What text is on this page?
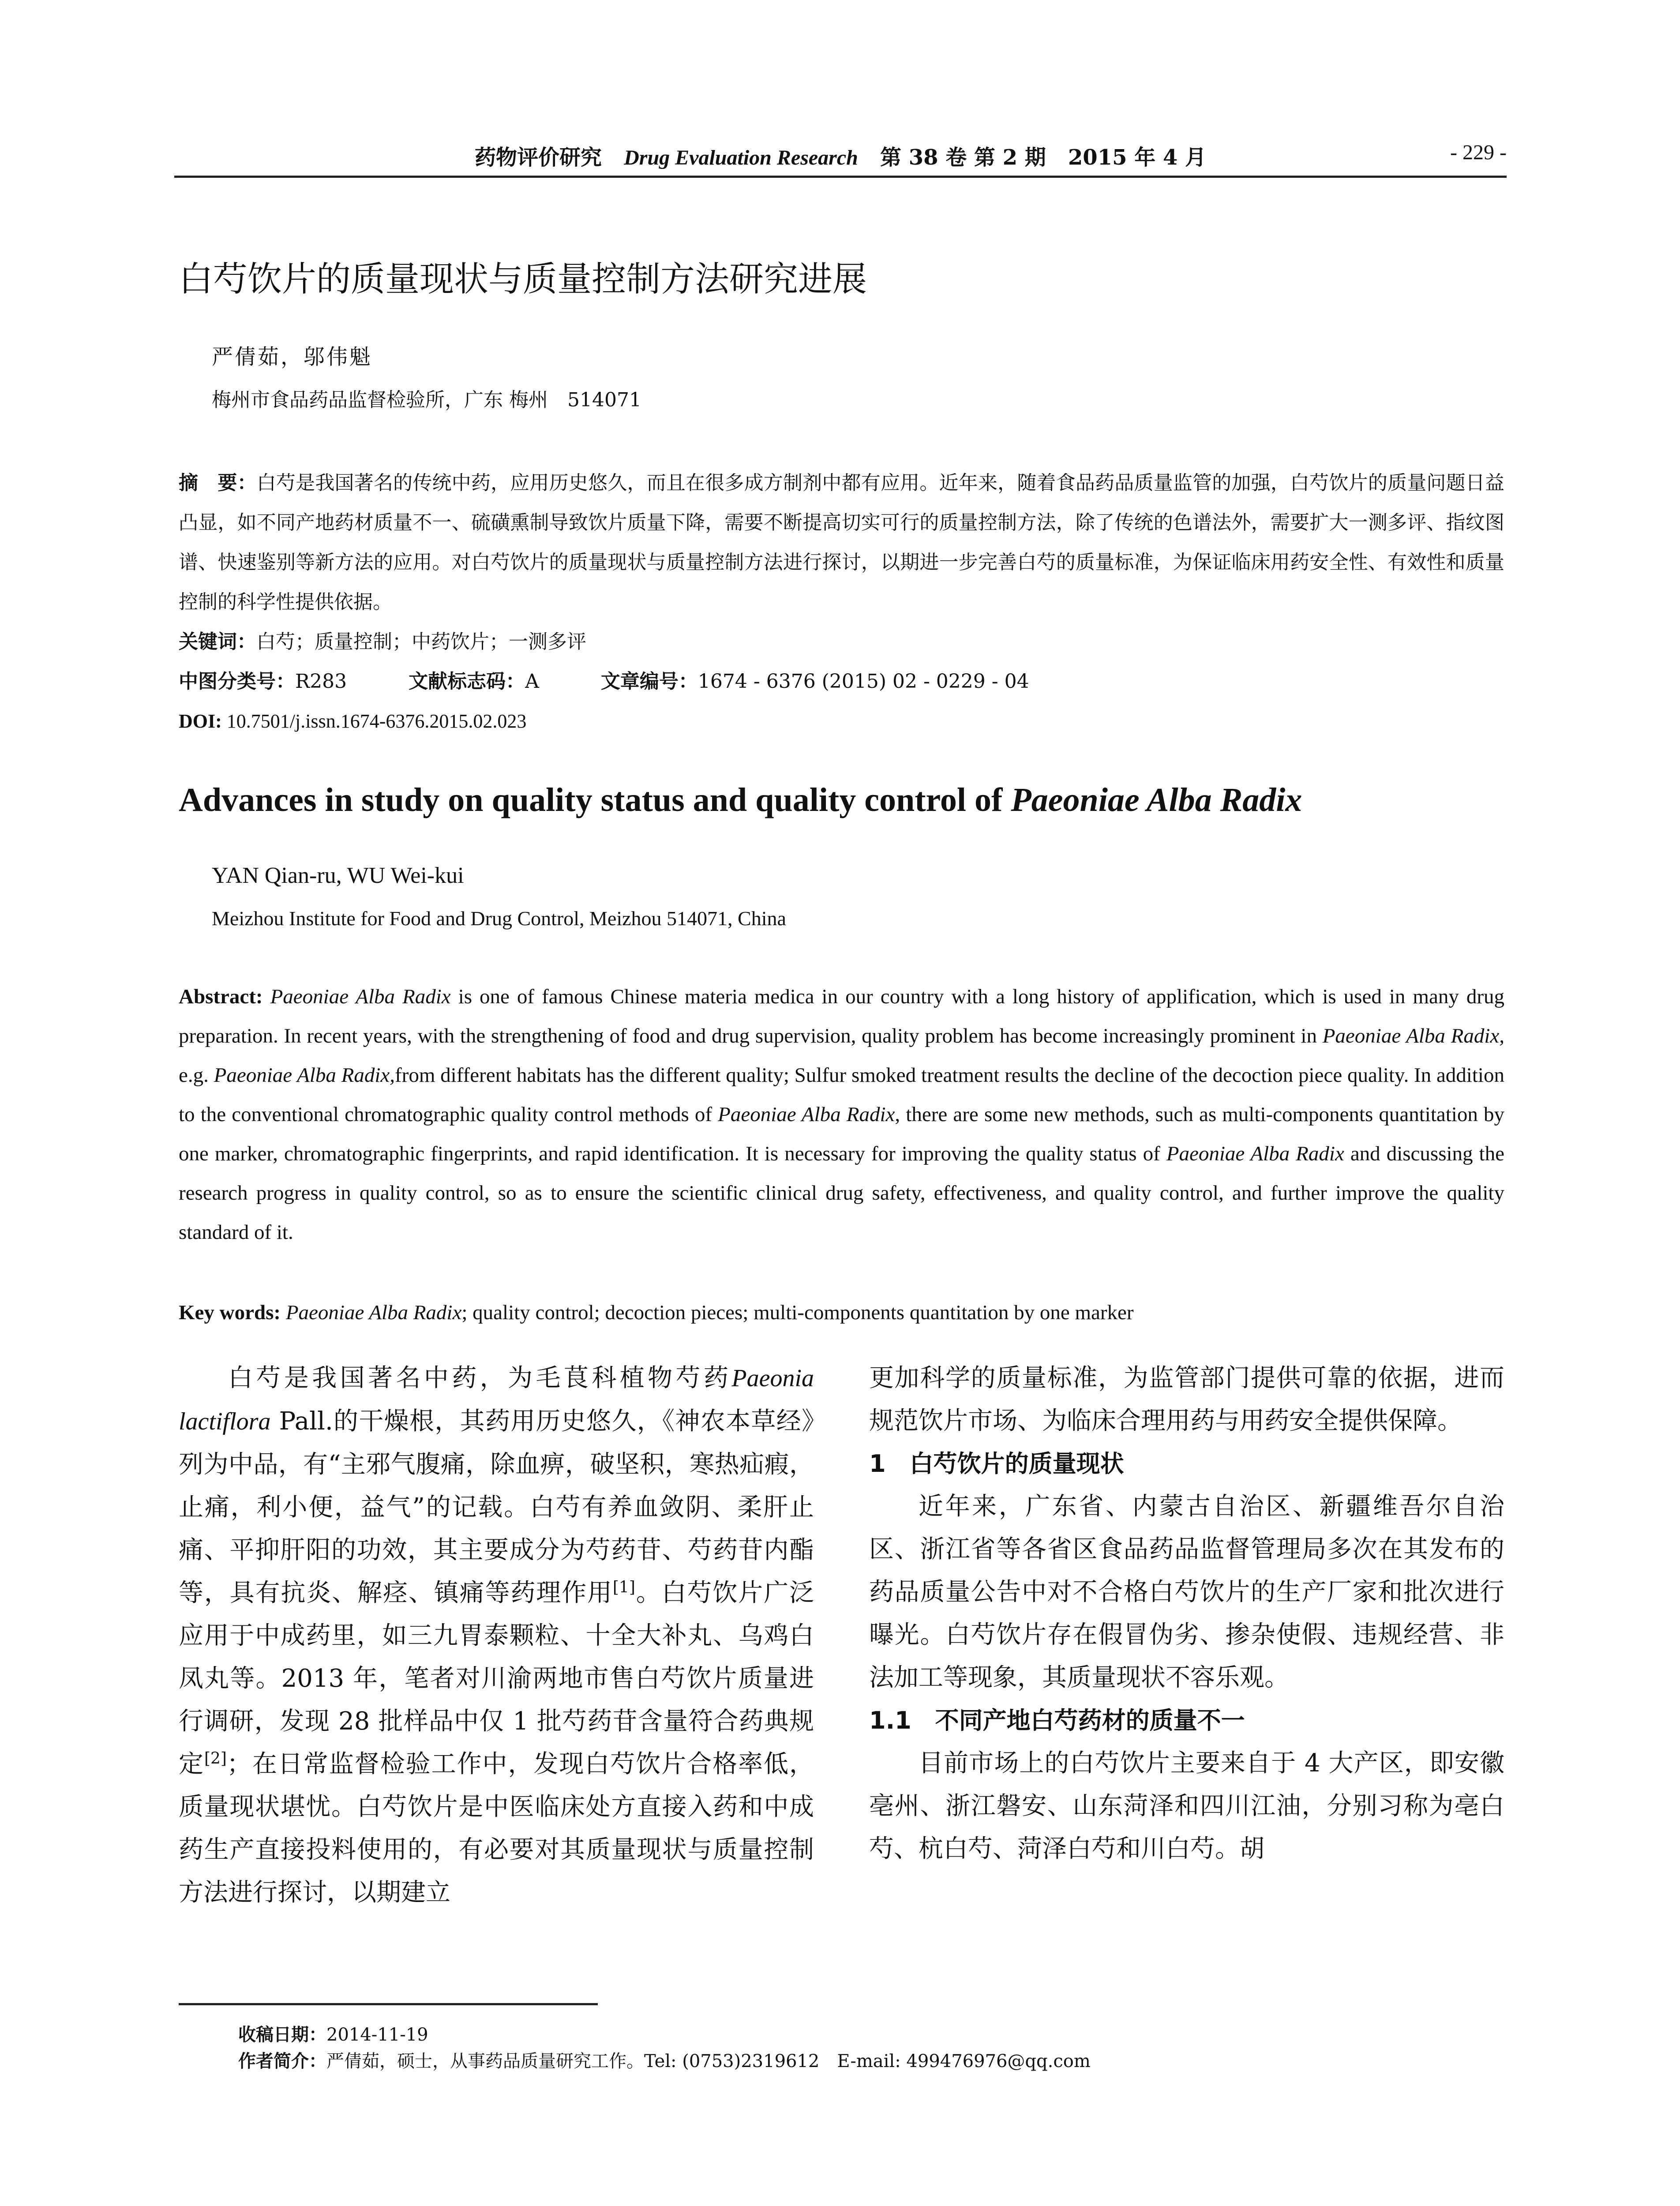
药物评价研究 Drug Evaluation Research 第 38 卷 第 2 期 2015 年 4 月	- 229 -
白芍饮片的质量现状与质量控制方法研究进展
严倩茹，邬伟魁
梅州市食品药品监督检验所，广东 梅州　514071
摘　要：白芍是我国著名的传统中药，应用历史悠久，而且在很多成方制剂中都有应用。近年来，随着食品药品质量监管的加强，白芍饮片的质量问题日益凸显，如不同产地药材质量不一、硫磺熏制导致饮片质量下降，需要不断提高切实可行的质量控制方法，除了传统的色谱法外，需要扩大一测多评、指纹图谱、快速鉴别等新方法的应用。对白芍饮片的质量现状与质量控制方法进行探讨，以期进一步完善白芍的质量标准，为保证临床用药安全性、有效性和质量控制的科学性提供依据。
关键词：白芍；质量控制；中药饮片；一测多评
中图分类号：R283	文献标志码：A	文章编号：1674 - 6376 (2015) 02 - 0229 - 04
DOI: 10.7501/j.issn.1674-6376.2015.02.023
Advances in study on quality status and quality control of Paeoniae Alba Radix
YAN Qian-ru, WU Wei-kui
Meizhou Institute for Food and Drug Control, Meizhou 514071, China
Abstract: Paeoniae Alba Radix is one of famous Chinese materia medica in our country with a long history of applification, which is used in many drug preparation. In recent years, with the strengthening of food and drug supervision, quality problem has become increasingly prominent in Paeoniae Alba Radix, e.g. Paeoniae Alba Radix,from different habitats has the different quality; Sulfur smoked treatment results the decline of the decoction piece quality. In addition to the conventional chromatographic quality control methods of Paeoniae Alba Radix, there are some new methods, such as multi-components quantitation by one marker, chromatographic fingerprints, and rapid identification. It is necessary for improving the quality status of Paeoniae Alba Radix and discussing the research progress in quality control, so as to ensure the scientific clinical drug safety, effectiveness, and quality control, and further improve the quality standard of it.
Key words: Paeoniae Alba Radix; quality control; decoction pieces; multi-components quantitation by one marker
白芍是我国著名中药，为毛茛科植物芍药Paeonia lactiflora Pall.的干燥根，其药用历史悠久，《神农本草经》列为中品，有“主邪气腹痛，除血痹，破坚积，寒热疝瘕，止痛，利小便，益气”的记载。白芍有养血敛阴、柔肝止痛、平抑肝阳的功效，其主要成分为芍药苷、芍药苷内酯等，具有抗炎、解痉、镇痛等药理作用[1]。白芍饮片广泛应用于中成药里，如三九胃泰颗粒、十全大补丸、乌鸡白凤丸等。2013 年，笔者对川渝两地市售白芍饮片质量进行调研，发现 28 批样品中仅 1 批芍药苷含量符合药典规定[2]；在日常监督检验工作中，发现白芍饮片合格率低，质量现状堪忧。白芍饮片是中医临床处方直接入药和中成药生产直接投料使用的，有必要对其质量现状与质量控制方法进行探讨，以期建立
更加科学的质量标准，为监管部门提供可靠的依据，进而规范饮片市场、为临床合理用药与用药安全提供保障。
1　白芍饮片的质量现状
近年来，广东省、内蒙古自治区、新疆维吾尔自治区、浙江省等各省区食品药品监督管理局多次在其发布的药品质量公告中对不合格白芍饮片的生产厂家和批次进行曝光。白芍饮片存在假冒伪劣、掺杂使假、违规经营、非法加工等现象，其质量现状不容乐观。
1.1　不同产地白芍药材的质量不一
目前市场上的白芍饮片主要来自于 4 大产区，即安徽亳州、浙江磐安、山东菏泽和四川江油，分别习称为亳白芍、杭白芍、菏泽白芍和川白芍。胡
收稿日期：2014-11-19
作者简介：严倩茹，硕士，从事药品质量研究工作。Tel: (0753)2319612　E-mail: 499476976@qq.com
